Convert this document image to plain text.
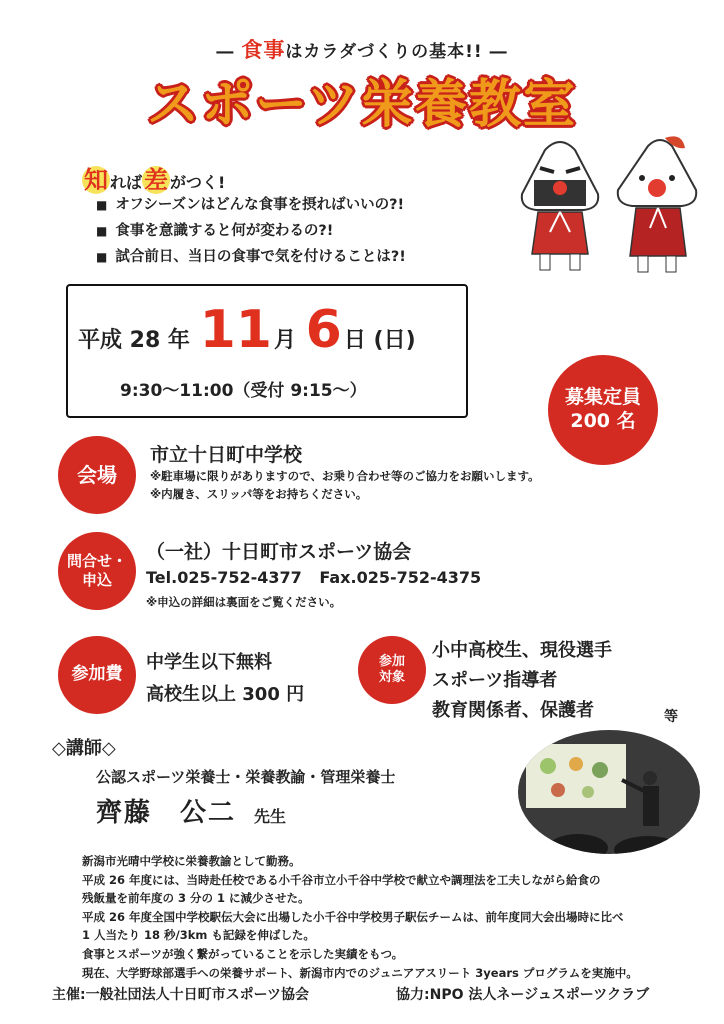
― 食事はカラダづくりの基本!! ―
スポーツ栄養教室
知 れば差 がつく!
■ オフシーズンはどんな食事を摂ればいいの?!
■ 食事を意識すると何が変わるの?!
■ 試合前日、当日の食事で気を付けることは?!
平成 28 年 11月 6日 (日)
9:30～11:00（受付 9:15～）	募集定員
200 名
会場
市立十日町中学校
※駐車場に限りがありますので、お乗り合わせ等のご協力をお願いします。
※内履き、スリッパ等をお持ちください。
問合せ・
申込
（一社）十日町市スポーツ協会
Tel.025-752-4377 Fax.025-752-4375
※申込の詳細は裏面をご覧ください。
参加費
中学生以下無料
高校生以上 300 円
参加
対象
小中高校生、現役選手
スポーツ指導者
教育関係者、保護者	等
◇講師◇
公認スポーツ栄養士・栄養教諭・管理栄養士
齊藤　公二 先生
新潟市光晴中学校に栄養教諭として勤務。
平成 26 年度には、当時赴任校である小千谷市立小千谷中学校で献立や調理法を工夫しながら給食の
残飯量を前年度の 3 分の 1 に減少させた。
平成 26 年度全国中学校駅伝大会に出場した小千谷中学校男子駅伝チームは、前年度同大会出場時に比べ
1 人当たり 18 秒/3km も記録を伸ばした。
食事とスポーツが強く繋がっていることを示した実績をもつ。
現在、大学野球部選手への栄養サポート、新潟市内でのジュニアアスリート 3years プログラムを実施中。
主催:一般社団法人十日町市スポーツ協会	協力:NPO 法人ネージュスポーツクラブ
